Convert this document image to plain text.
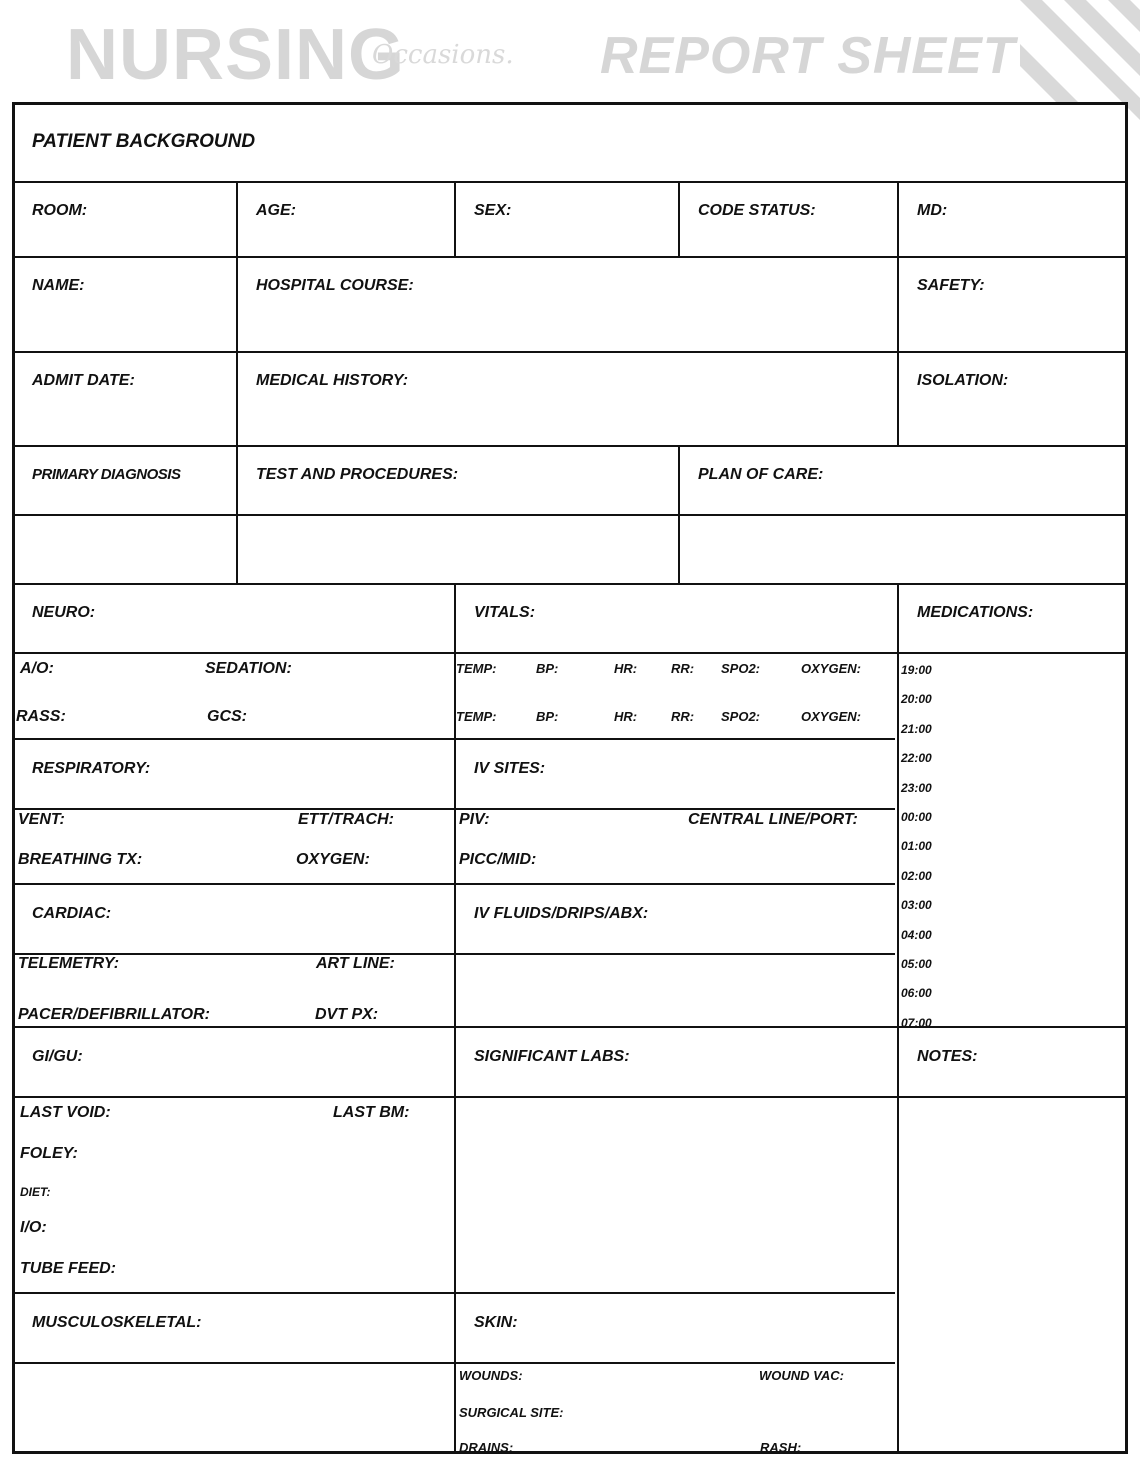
NURSING
Occasions. REPORT SHEET
PATIENT BACKGROUND
ROOM:	AGE:	SEX:	CODE STATUS:	MD:
NAME:	HOSPITAL COURSE:	SAFETY:
ADMIT DATE:	MEDICAL HISTORY:	ISOLATION:
PRIMARY DIAGNOSIS	TEST AND PROCEDURES:	PLAN OF CARE:
NEURO:	VITALS:	MEDICATIONS:
A/O:	SEDATION:
RASS:	GCS:
TEMP:	BP:	HR:	RR: SPO2:	OXYGEN:
TEMP:	BP:	HR:	RR: SPO2:	OXYGEN:
19:00
20:00
21:00
22:00
23:00
00:00
01:00
02:00
03:00
04:00
05:00
06:00
07:00
RESPIRATORY:	IV SITES:
VENT:	ETT/TRACH:	PIV:	CENTRAL LINE/PORT:
BREATHING TX:	OXYGEN:	PICC/MID:
CARDIAC:	IV FLUIDS/DRIPS/ABX:
TELEMETRY:	ART LINE:
PACER/DEFIBRILLATOR:	DVT PX:
GI/GU:	SIGNIFICANT LABS:	NOTES:
LAST VOID:	LAST BM:
FOLEY:
DIET:
I/O:
TUBE FEED:
MUSCULOSKELETAL:	SKIN:
WOUNDS:	WOUND VAC:
SURGICAL SITE:
DRAINS:	RASH:
